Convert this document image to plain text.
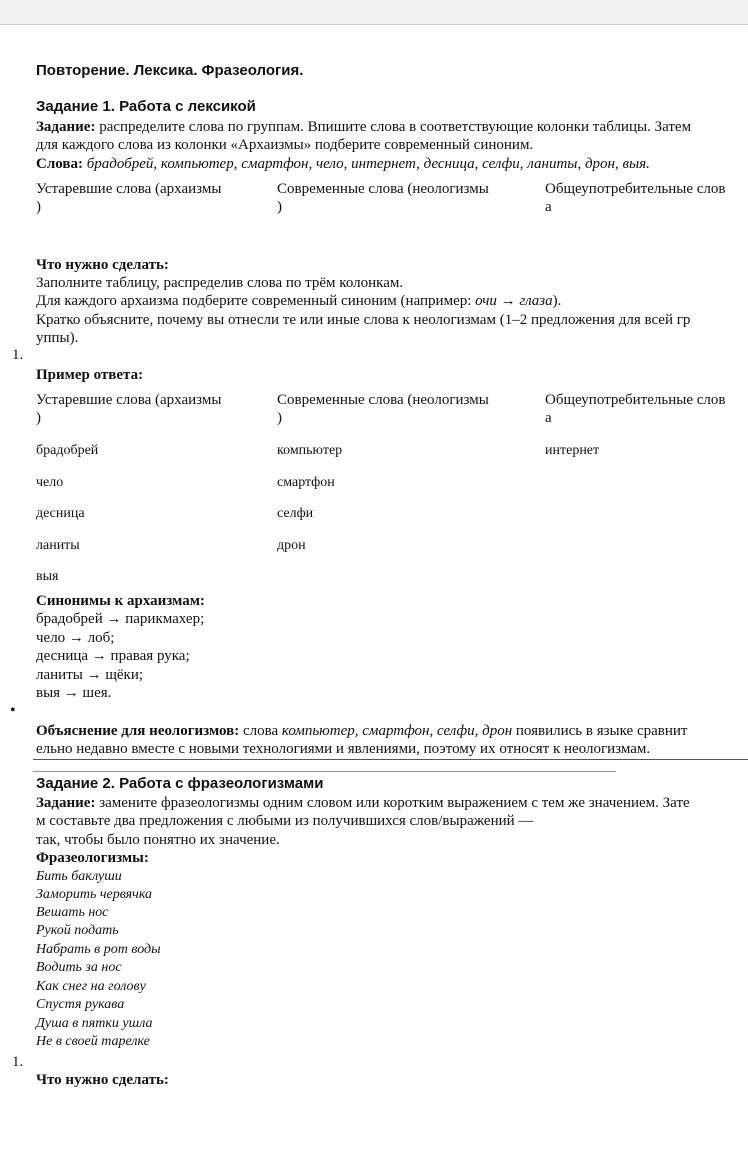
Повторение. Лексика. Фразеология.
Задание 1. Работа с лексикой
Задание: распределите слова по группам. Впишите слова в соответствующие колонки таблицы. Затем
для каждого слова из колонки «Архаизмы» подберите современный синоним.
Слова: брадобрей, компьютер, смартфон, чело, интернет, десница, селфи, ланиты, дрон, выя.
Устаревшие слова (архаизмы
)
Современные слова (неологизмы
)
Общеупотребительные слов
а
Что нужно сделать:
Заполните таблицу, распределив слова по трём колонкам.
Для каждого архаизма подберите современный синоним (например: очи → глаза).
Кратко объясните, почему вы отнесли те или иные слова к неологизмам (1–2 предложения для всей гр
уппы).
1.
Пример ответа:
Устаревшие слова (архаизмы
)
Современные слова (неологизмы
)
Общеупотребительные слов
а
брадобрей
чело
десница
ланиты
выя
компьютер
смартфон
селфи
дрон
интернет
Синонимы к архаизмам:
брадобрей → парикмахер;
чело → лоб;
десница → правая рука;
ланиты → щёки;
выя → шея.
•
Объяснение для неологизмов: слова компьютер, смартфон, селфи, дрон появились в языке сравнит
ельно недавно вместе с новыми технологиями и явлениями, поэтому их относят к неологизмам.
Задание 2. Работа с фразеологизмами
Задание: замените фразеологизмы одним словом или коротким выражением с тем же значением. Зате
м составьте два предложения с любыми из получившихся слов/выражений —
так, чтобы было понятно их значение.
Фразеологизмы:
Бить баклуши
Заморить червячка
Вешать нос
Рукой подать
Набрать в рот воды
Водить за нос
Как снег на голову
Спустя рукава
Душа в пятки ушла
Не в своей тарелке
1.
Что нужно сделать:
